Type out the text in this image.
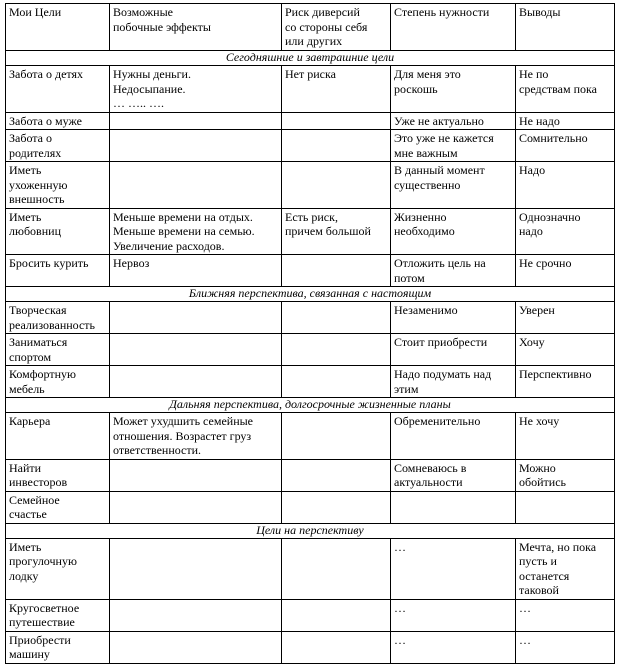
Мои Цели	Возможные
побочные эффекты	Риск диверсий
со стороны себя
или других	Степень нужности	Выводы

Сегодняшние и завтрашние цели				

Забота о детях	Нужны деньги.
Недосыпание.
… ….. ….	Нет риска	Для меня это
роскошь	Не по
средствам пока

Забота о муже			Уже не актуально	Не надо

Забота о
родителях			Это уже не кажется
мне важным	Сомнительно

Иметь
ухоженную
внешность			В данный момент
существенно	Надо

Иметь
любовниц	Меньше времени на отдых.
Меньше времени на семью.
Увеличение расходов.	Есть риск,
причем большой	Жизненно
необходимо	Однозначно
надо

Бросить курить	Нервоз		Отложить цель на
потом	Не срочно

Ближняя перспектива, связанная с настоящим				

Творческая
реализованность			Незаменимо	Уверен

Заниматься
спортом			Стоит приобрести	Хочу

Комфортную
мебель			Надо подумать над
этим	Перспективно

Дальняя перспектива, долгосрочные жизненные планы				

Карьера	Может ухудшить семейные
отношения. Возрастет груз
ответственности.		Обременительно	Не хочу

Найти
инвесторов			Сомневаюсь в
актуальности	Можно
обойтись

Семейное
счастье				

Цели на перспективу				

Иметь
прогулочную
лодку			…	Мечта, но пока
пусть и
останется
таковой

Кругосветное
путешествие			…	…

Приобрести
машину			…	…
